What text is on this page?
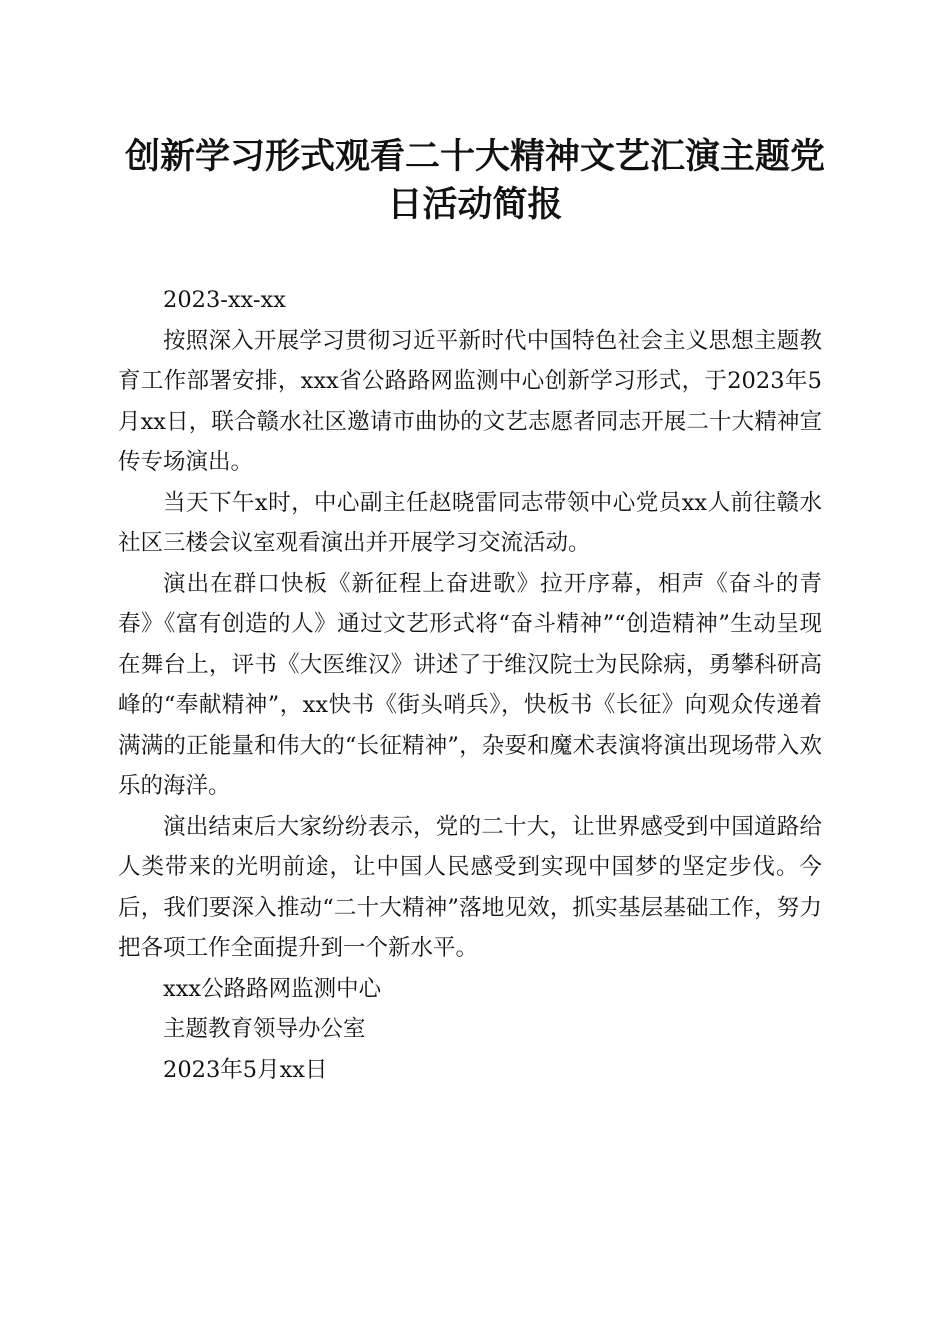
创新学习形式观看二十大精神文艺汇演主题党日活动简报

2023-xx-xx

按照深入开展学习贯彻习近平新时代中国特色社会主义思想主题教育工作部署安排，xxx省公路路网监测中心创新学习形式，于2023年5月xx日，联合赣水社区邀请市曲协的文艺志愿者同志开展二十大精神宣传专场演出。

当天下午x时，中心副主任赵晓雷同志带领中心党员xx人前往赣水社区三楼会议室观看演出并开展学习交流活动。

演出在群口快板《新征程上奋进歌》拉开序幕，相声《奋斗的青春》《富有创造的人》通过文艺形式将“奋斗精神”“创造精神”生动呈现在舞台上，评书《大医维汉》讲述了于维汉院士为民除病，勇攀科研高峰的“奉献精神”，xx快书《街头哨兵》，快板书《长征》向观众传递着满满的正能量和伟大的“长征精神”，杂耍和魔术表演将演出现场带入欢乐的海洋。

演出结束后大家纷纷表示，党的二十大，让世界感受到中国道路给人类带来的光明前途，让中国人民感受到实现中国梦的坚定步伐。今后，我们要深入推动“二十大精神”落地见效，抓实基层基础工作，努力把各项工作全面提升到一个新水平。

xxx公路路网监测中心

主题教育领导办公室

2023年5月xx日
